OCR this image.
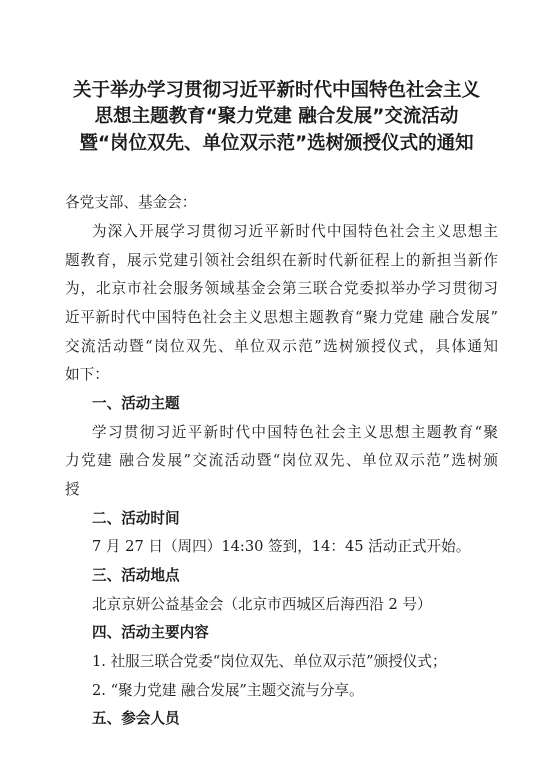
关于举办学习贯彻习近平新时代中国特色社会主义
思想主题教育“聚力党建 融合发展”交流活动
暨“岗位双先、单位双示范”选树颁授仪式的通知
各党支部、基金会：
为深入开展学习贯彻习近平新时代中国特色社会主义思想主
题教育，展示党建引领社会组织在新时代新征程上的新担当新作
为，北京市社会服务领域基金会第三联合党委拟举办学习贯彻习
近平新时代中国特色社会主义思想主题教育“聚力党建 融合发展”
交流活动暨“岗位双先、单位双示范”选树颁授仪式，具体通知
如下：
一、活动主题
学习贯彻习近平新时代中国特色社会主义思想主题教育“聚
力党建 融合发展”交流活动暨“岗位双先、单位双示范”选树颁
授
二、活动时间
7 月 27 日（周四）14:30 签到，14：45 活动正式开始。
三、活动地点
北京京妍公益基金会（北京市西城区后海西沿 2 号）
四、活动主要内容
1. 社服三联合党委“岗位双先、单位双示范”颁授仪式；
2. “聚力党建 融合发展”主题交流与分享。
五、参会人员
